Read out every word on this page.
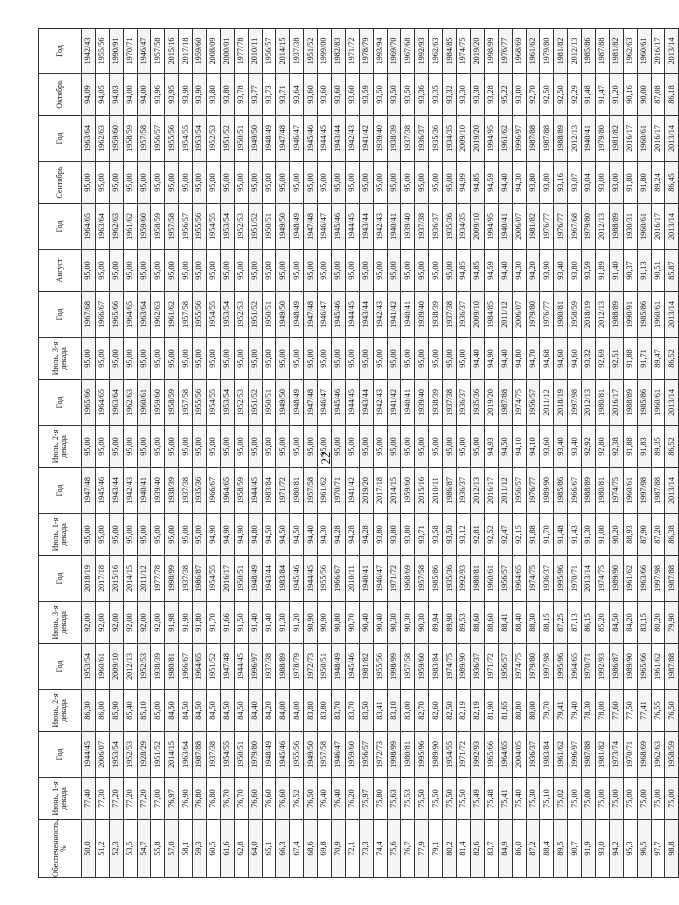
22
Обеспеченность, %	Июнь, 1-я декада	Год	Июнь, 2-я декада	Год	Июнь, 3-я декада	Год	Июль, 1-я декада	Год	Июль, 2-я декада	Год	Июль, 3-я декада	Год	Август	Год	Сентябрь	Год	Октябрь	Год
50,0	77,40	1944/45	86,30	1953/54	92,00	2018/19	95,00	1947/48	95,00	1965/66	95,00	1967/68	95,00	1964/65	95,00	1963/64	94,09	1942/43
51,2	77,30	2006/07	86,00	1960/61	92,00	2017/18	95,00	1945/46	95,00	1964/65	95,00	1966/67	95,00	1963/64	95,00	1962/63	94,05	1955/56
52,3	77,20	1953/54	85,90	2009/10	92,00	2015/16	95,00	1943/44	95,00	1963/64	95,00	1965/66	95,00	1962/63	95,00	1959/60	94,03	1990/91
53,5	77,20	1952/53	85,40	2012/13	92,00	2014/15	95,00	1942/43	95,00	1962/63	95,00	1964/65	95,00	1961/62	95,00	1958/59	94,00	1970/71
54,7	77,20	1928/29	85,10	1952/53	92,00	2011/12	95,00	1940/41	95,00	1960/61	95,00	1963/64	95,00	1959/60	95,00	1957/58	94,00	1946/47
55,8	77,00	1951/52	85,00	1938/39	92,00	1977/78	95,00	1939/40	95,00	1959/60	95,00	1962/63	95,00	1958/59	95,00	1956/57	93,96	1957/58
57,0	76,97	2014/15	84,50	1980/81	91,98	1998/99	95,00	1938/39	95,00	1958/59	95,00	1961/62	95,00	1957/58	95,00	1955/56	93,95	2015/16
58,1	76,90	1963/64	84,50	1966/67	91,90	1937/38	95,00	1937/38	95,00	1957/58	95,00	1957/58	95,00	1956/57	95,00	1954/55	93,90	2017/18
59,3	76,80	1987/88	84,50	1964/65	91,80	1986/87	95,00	1935/36	95,00	1955/56	95,00	1955/56	95,00	1955/56	95,00	1953/54	93,90	1959/60
60,5	76,80	1937/38	84,50	1951/52	91,70	1954/55	94,90	1966/67	95,00	1954/55	95,00	1954/55	95,00	1954/55	95,00	1952/53	93,80	2008/09
61,6	76,70	1954/55	84,50	1947/48	91,66	2016/17	94,90	1964/65	95,00	1953/54	95,00	1953/54	95,00	1953/54	95,00	1951/52	93,80	2000/01
62,8	76,70	1950/51	84,50	1944/45	91,50	1950/51	94,90	1958/59	95,00	1952/53	95,00	1952/53	95,00	1952/53	95,00	1950/51	93,78	1977/78
64,0	76,60	1979/80	84,40	1996/97	91,40	1948/49	94,80	1944/45	95,00	1951/52	95,00	1951/52	95,00	1951/52	95,00	1949/50	93,77	2010/11
65,1	76,60	1948/49	84,20	1937/38	91,40	1943/44	94,50	1983/84	95,00	1950/51	95,00	1950/51	95,00	1950/51	95,00	1948/49	93,73	1956/57
66,3	76,60	1945/46	84,00	1988/89	91,30	1983/84	94,50	1971/72	95,00	1949/50	95,00	1949/50	95,00	1949/50	95,00	1947/48	93,71	2014/15
67,4	76,52	1955/56	84,00	1978/79	91,20	1945/46	94,50	1980/81	95,00	1948/49	95,00	1948/49	95,00	1948/49	95,00	1946/47	93,64	1937/38
68,6	76,50	1949/50	83,80	1972/73	90,90	1944/45	94,40	1957/58	95,00	1947/48	95,00	1947/48	95,00	1947/48	95,00	1945/46	93,60	1951/52
69,8	76,40	1957/58	83,80	1950/51	90,90	1955/56	94,30	1961/62	95,00	1946/47	95,00	1946/47	95,00	1946/47	95,00	1944/45	93,60	1999/00
70,9	76,40	1946/47	83,70	1948/49	90,80	1966/67	94,28	1970/71	95,00	1945/46	95,00	1945/46	95,00	1945/46	95,00	1943/44	93,60	1982/83
72,1	76,20	1959/60	83,70	1945/46	90,70	2010/11	94,28	1941/42	95,00	1944/45	95,00	1944/45	95,00	1944/45	95,00	1942/43	93,60	1971/72
73,3	75,97	1956/57	83,50	1981/82	90,40	1940/41	94,28	2019/20	95,00	1943/44	95,00	1943/44	95,00	1943/44	95,00	1941/42	93,59	1978/79
74,4	75,80	1972/73	83,41	1955/56	90,40	1946/47	93,80	2017/18	95,00	1942/43	95,00	1942/43	95,00	1942/43	95,00	1939/40	93,50	1993/94
75,6	75,63	1998/99	83,10	1998/99	90,30	1971/72	93,80	2014/15	95,00	1941/42	95,00	1941/42	95,00	1940/41	95,00	1938/39	93,50	1969/70
76,7	75,53	1980/81	83,00	1957/58	90,30	1968/69	93,80	1959/60	95,00	1940/41	95,00	1940/41	95,00	1939/40	95,00	1937/38	93,50	1967/68
77,9	75,50	1995/96	82,70	1959/60	90,30	1957/58	93,71	2015/16	95,00	1939/40	95,00	1939/40	95,00	1937/38	95,00	1936/37	93,36	1992/93
79,1	75,50	1989/90	82,60	1983/84	89,94	1985/86	93,58	2010/11	95,00	1938/39	95,00	1938/39	95,00	1936/37	95,00	1935/36	93,35	1962/63
80,2	75,50	1954/55	82,50	1974/75	89,90	1935/36	93,50	1986/87	95,00	1937/38	95,00	1937/38	95,00	1935/36	95,00	1934/35	93,32	1984/85
81,4	75,50	1971/72	82,19	1989/90	89,53	1992/93	93,12	1936/37	95,00	1936/37	95,00	1936/37	94,85	1934/35	94,99	2009/10	93,30	1974/75
82,6	75,49	1992/93	82,19	1936/37	88,60	1980/81	92,81	2012/13	95,00	1935/36	94,40	2009/10	94,85	2009/10	94,85	2019/20	93,30	2019/20
83,7	75,48	1965/66	81,90	1971/72	88,60	1960/61	92,52	2016/17	94,93	2019/20	94,90	1984/85	94,59	1994/95	94,59	1994/95	93,28	1998/99
84,9	75,41	1964/65	81,65	1956/57	88,41	1956/57	92,47	2011/12	94,50	1987/88	94,40	2011/12	94,40	1940/41	94,40	1961/62	95,22	1976/77
86,0	75,40	2004/05	80,80	1974/75	88,40	1964/65	92,15	1956/57	94,10	1974/75	94,80	2006/07	94,30	2006/07	94,30	1996/97	93,00	1968/69
87,2	75,30	1936/37	80,00	1979/80	88,30	1974/75	91,88	1976/77	94,10	1956/57	94,70	1979/80	94,20	1981/82	93,80	1987/88	92,70	1961/62
88,4	75,10	1983/84	79,70	1997/98	88,15	1936/37	91,70	1989/90	93,60	2011/12	94,68	1976/77	93,90	1976/77	93,80	1987/88	92,50	1979/80
89,5	75,02	1961/62	79,41	1995/96	87,25	1995/96	91,48	1985/86	93,40	2018/19	94,60	1980/81	93,40	1976/77	93,16	1988/89	92,50	1981/82
90,7	75,00	1996/97	79,40	1964/65	87,13	1970/71	91,43	1966/67	93,40	1997/98	94,60	1958/59	93,80	1967/68	93,07	2012/13	92,29	2012/13
91,9	75,00	1987/88	78,30	1970/71	86,15	2013/14	91,30	1988/89	92,92	2012/13	93,32	2018/19	93,59	1979/80	93,04	1940/41	91,48	1985/86
93,0	75,00	1981/82	78,00	1992/93	85,20	1974/75	91,00	1980/81	92,80	1980/81	92,69	2012/13	91,89	2012/13	93,00	1979/80	91,47	1987/88
94,2	75,00	1973/74	77,60	1986/87	84,50	1989/90	90,20	1974/75	92,38	2016/17	92,51	1988/89	91,40	1988/89	93,00	1981/82	91,20	1981/82
95,3	75,00	1970/71	77,50	1989/90	84,20	1961/62	88,93	1960/61	91,88	1988/89	91,88	1990/91	90,37	1930/31	91,80	2016/17	90,16	1962/63
96,5	75,00	1968/69	77,41	1965/66	83,15	1963/66	87,90	1997/98	91,83	1985/86	91,71	1985/86	91,13	1960/61	91,80	1960/61	90,00	1960/61
97,7	75,00	1962/63	76,55	1961/62	80,20	1997/98	87,20	1987/88	89,35	1960/61	89,47	1960/61	90,51	2016/17	89,24	2016/17	87,08	2016/17
98,8	75,00	1958/59	76,50	1987/88	79,90	1987/88	86,38	2013/14	86,52	2013/14	86,52	2013/14	85,87	2013/14	86,45	2013/14	86,18	2013/14
